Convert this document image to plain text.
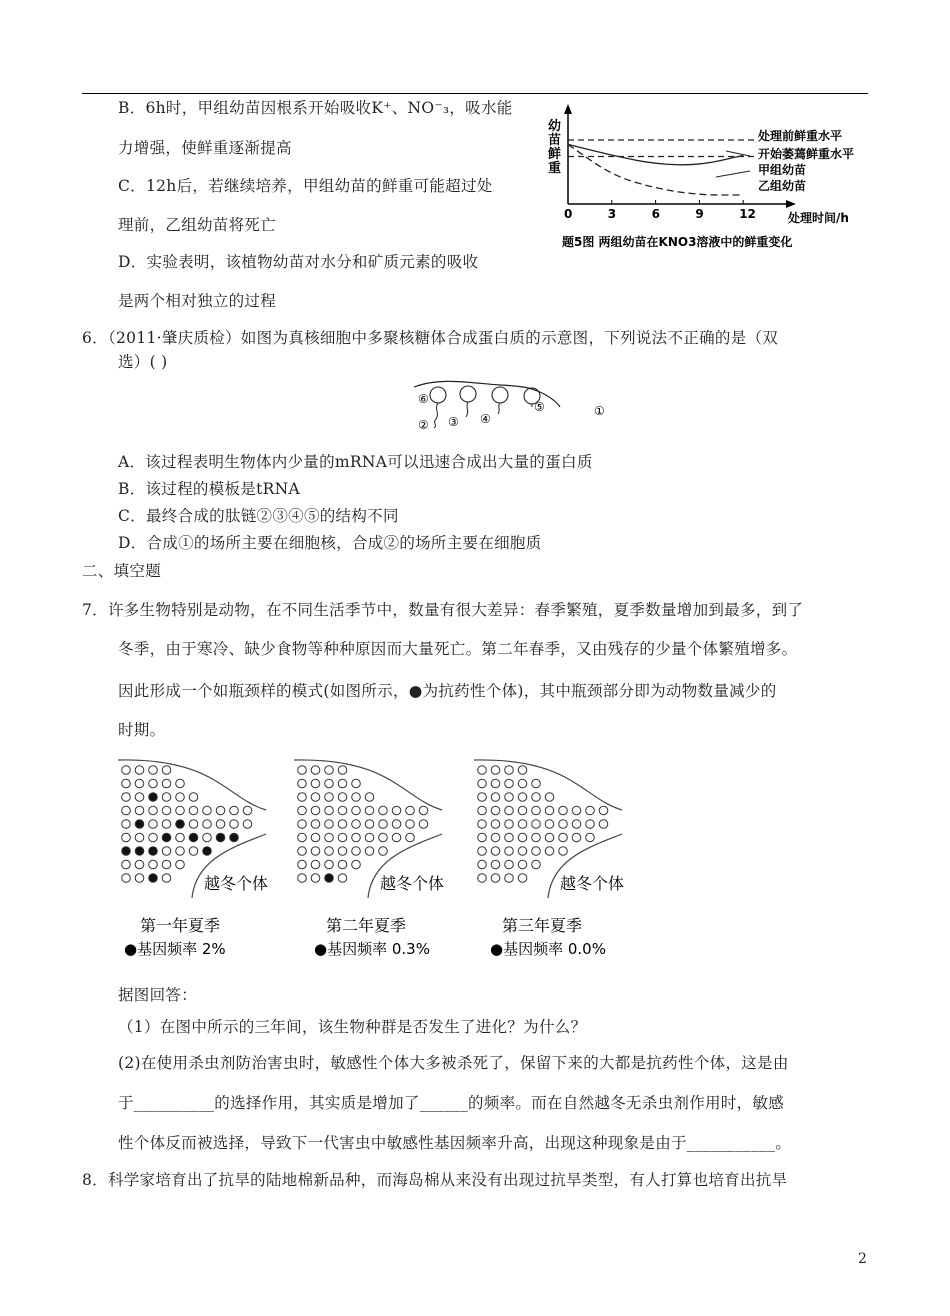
B．6h时，甲组幼苗因根系开始吸收K⁺、NO⁻₃，吸水能
力增强，使鲜重逐渐提高
C．12h后，若继续培养，甲组幼苗的鲜重可能超过处
理前，乙组幼苗将死亡
D．实验表明，该植物幼苗对水分和矿质元素的吸收
是两个相对独立的过程
幼
苗
鲜
重
0	3	6	9	12
处理前鲜重水平
开始萎蔫鲜重水平
甲组幼苗
乙组幼苗
处理时间/h
题5图 两组幼苗在KNO3溶液中的鲜重变化
6．（2011·肇庆质检）如图为真核细胞中多聚核糖体合成蛋白质的示意图，下列说法不正确的是（双
选）( )
⑥
② ③ ④
⑤	①
A．该过程表明生物体内少量的mRNA可以迅速合成出大量的蛋白质
B．该过程的模板是tRNA
C．最终合成的肽链②③④⑤的结构不同
D．合成①的场所主要在细胞核，合成②的场所主要在细胞质
二、填空题
7．许多生物特别是动物，在不同生活季节中，数量有很大差异：春季繁殖，夏季数量增加到最多，到了
冬季，由于寒冷、缺少食物等种种原因而大量死亡。第二年春季，又由残存的少量个体繁殖增多。
因此形成一个如瓶颈样的模式(如图所示，●为抗药性个体)，其中瓶颈部分即为动物数量减少的
时期。
越冬个体
第一年夏季
●基因频率 2%
越冬个体
第二年夏季
●基因频率 0.3%
越冬个体
第三年夏季
●基因频率 0.0%
据图回答：
（1）在图中所示的三年间，该生物种群是否发生了进化？为什么？
(2)在使用杀虫剂防治害虫时，敏感性个体大多被杀死了，保留下来的大都是抗药性个体，这是由
于__________的选择作用，其实质是增加了______的频率。而在自然越冬无杀虫剂作用时，敏感
性个体反而被选择，导致下一代害虫中敏感性基因频率升高，出现这种现象是由于___________。
8．科学家培育出了抗旱的陆地棉新品种，而海岛棉从来没有出现过抗旱类型，有人打算也培育出抗旱
2
